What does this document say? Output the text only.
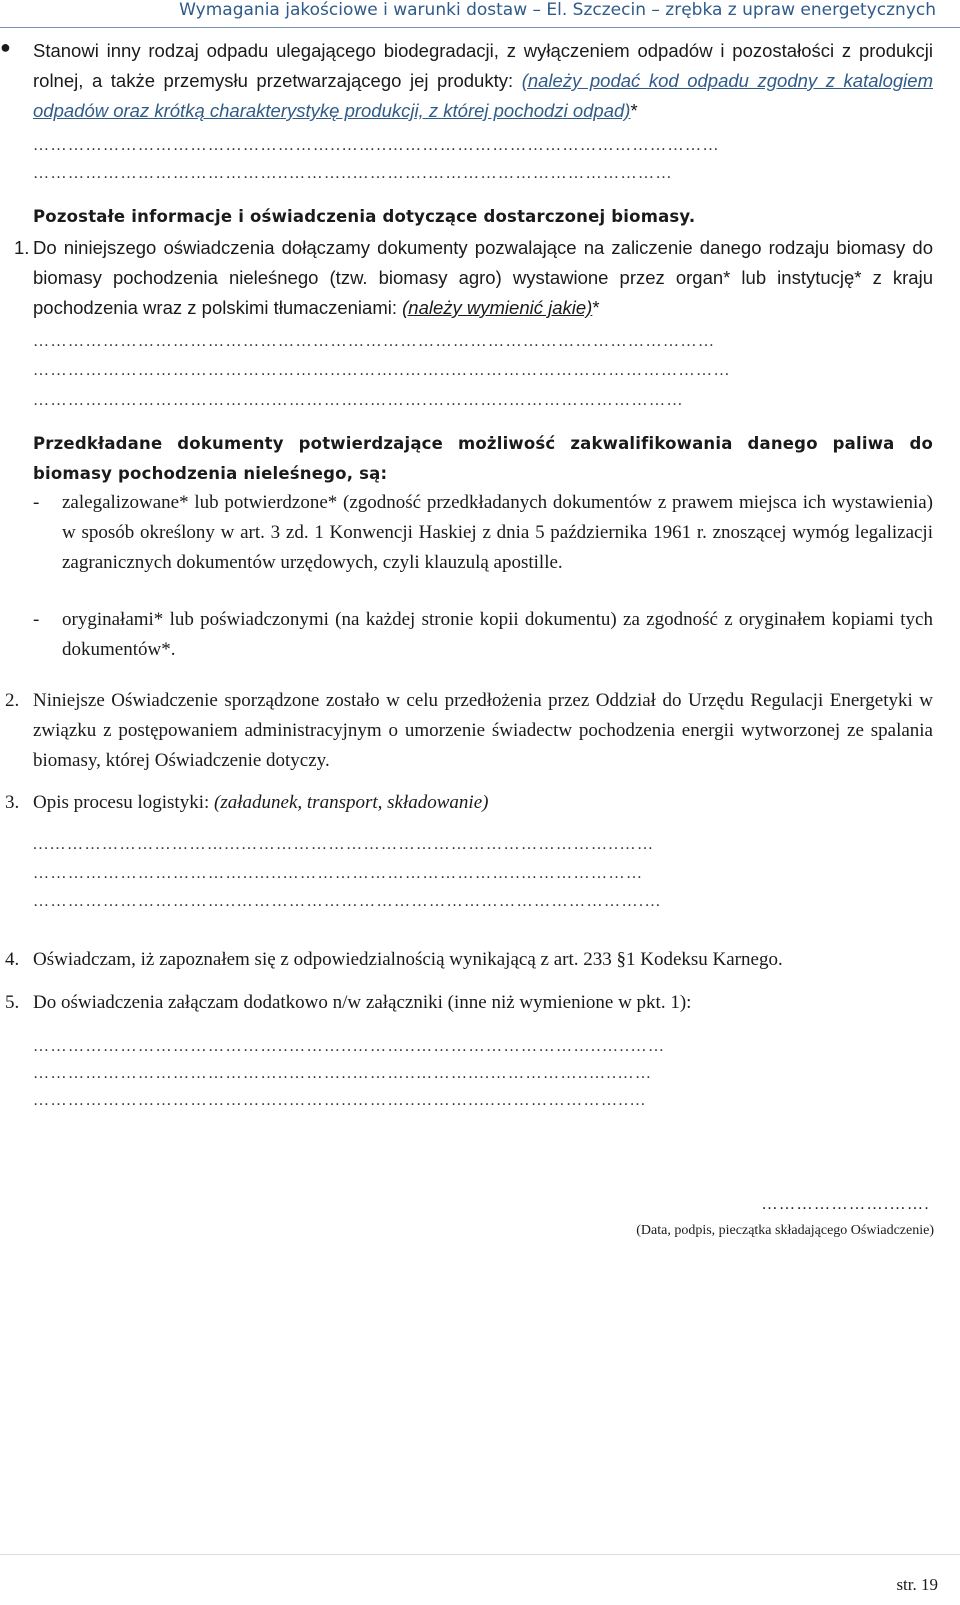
Wymagania jakościowe i warunki dostaw – El. Szczecin – zrębka z upraw energetycznych
● Stanowi inny rodzaj odpadu ulegającego biodegradacji, z wyłączeniem odpadów i pozostałości z produkcji rolnej, a także przemysłu przetwarzającego jej produkty: (należy podać kod odpadu zgodny z katalogiem odpadów oraz krótką charakterystykę produkcji, z której pochodzi odpad)*
……………………………………………..……..…………………………………………………
……………………………………..………..………….……………………………………
Pozostałe informacje i oświadczenia dotyczące dostarczonej biomasy.
1. Do niniejszego oświadczenia dołączamy dokumenty pozwalające na zaliczenie danego rodzaju biomasy do biomasy pochodzenia nieleśnego (tzw. biomasy agro) wystawione przez organ* lub instytucję* z kraju pochodzenia wraz z polskimi tłumaczeniami: (należy wymienić jakie)*
………………………………………………………………………………………………………
……………………………………………..………..……..…………………………………………
…………………………………..……………..……….…………..…………………………
Przedkładane dokumenty potwierdzające możliwość zakwalifikowania danego paliwa do biomasy pochodzenia nieleśnego, są:
- zalegalizowane* lub potwierdzone* (zgodność przedkładanych dokumentów z prawem miejsca ich wystawienia) w sposób określony w art. 3 zd. 1 Konwencji Haskiej z dnia 5 października 1961 r. znoszącej wymóg legalizacji zagranicznych dokumentów urzędowych, czyli klauzulą apostille.
- oryginałami* lub poświadczonymi (na każdej stronie kopii dokumentu) za zgodność z oryginałem kopiami tych dokumentów*.
2. Niniejsze Oświadczenie sporządzone zostało w celu przedłożenia przez Oddział do Urzędu Regulacji Energetyki w związku z postępowaniem administracyjnym o umorzenie świadectw pochodzenia energii wytworzonej ze spalania biomasy, której Oświadczenie dotyczy.
3. Opis procesu logistyki: (załadunek, transport, składowanie)
...…………………………...………………………………………………………..……
………………………………..…..…………………………………..…………………
……………………………..…………………………………………………………….…
4. Oświadczam, iż zapoznałem się z odpowiedzialnością wynikającą z art. 233 §1 Kodeksu Karnego.
5. Do oświadczenia załączam dodatkowo n/w załączniki (inne niż wymienione w pkt. 1):
……………………………………..………..………..…………………………..…..……
……………………………………..………..………..………....……………..…..……
……………………………………..………..………..……….....…………………..…
………………….…….
(Data, podpis, pieczątka składającego Oświadczenie)
str. 19
